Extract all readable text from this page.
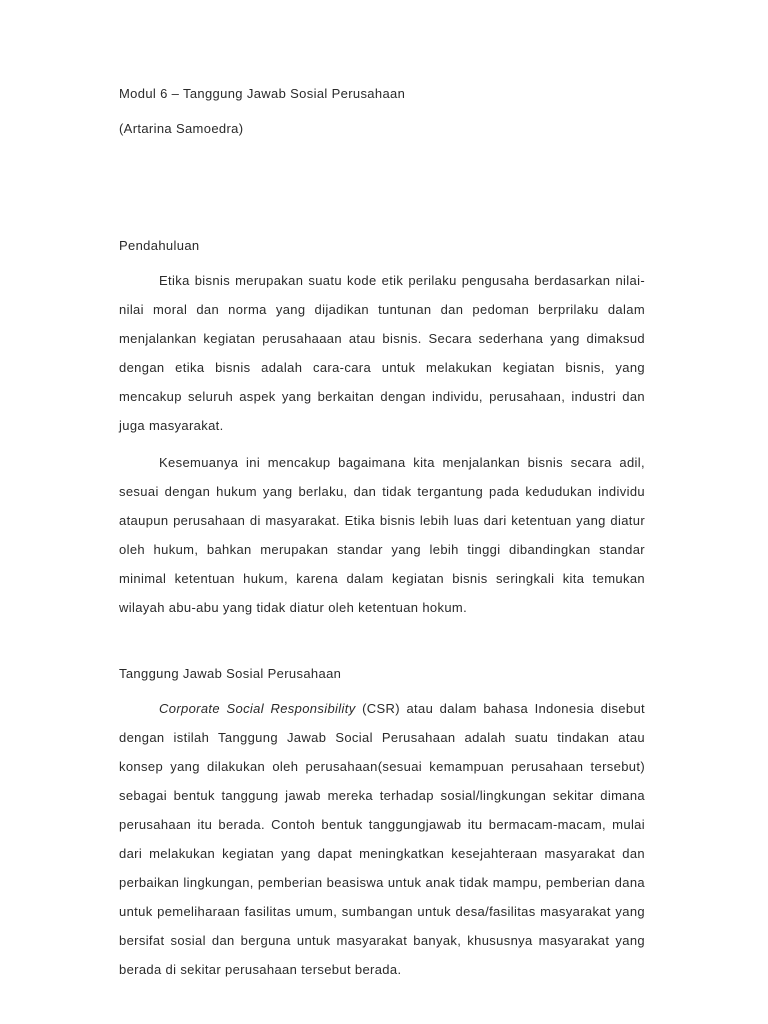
Modul 6 – Tanggung Jawab Sosial Perusahaan
(Artarina Samoedra)
Pendahuluan

Etika bisnis merupakan suatu kode etik perilaku pengusaha berdasarkan nilai-nilai moral dan norma yang dijadikan tuntunan dan pedoman berprilaku dalam menjalankan kegiatan perusahaaan atau bisnis. Secara sederhana yang dimaksud dengan etika bisnis adalah cara-cara untuk melakukan kegiatan bisnis, yang mencakup seluruh aspek yang berkaitan dengan individu, perusahaan, industri dan juga masyarakat.

Kesemuanya ini mencakup bagaimana kita menjalankan bisnis secara adil, sesuai dengan hukum yang berlaku, dan tidak tergantung pada kedudukan individu ataupun perusahaan di masyarakat. Etika bisnis lebih luas dari ketentuan yang diatur oleh hukum, bahkan merupakan standar yang lebih tinggi dibandingkan standar minimal ketentuan hukum, karena dalam kegiatan bisnis seringkali kita temukan wilayah abu-abu yang tidak diatur oleh ketentuan hokum.

Tanggung Jawab Sosial Perusahaan

Corporate Social Responsibility (CSR) atau dalam bahasa Indonesia disebut dengan istilah Tanggung Jawab Social Perusahaan adalah suatu tindakan atau konsep yang dilakukan oleh perusahaan(sesuai kemampuan perusahaan tersebut) sebagai bentuk tanggung jawab mereka terhadap sosial/lingkungan sekitar dimana perusahaan itu berada. Contoh bentuk tanggungjawab itu bermacam-macam, mulai dari melakukan kegiatan yang dapat meningkatkan kesejahteraan masyarakat dan perbaikan lingkungan, pemberian beasiswa untuk anak tidak mampu, pemberian dana untuk pemeliharaan fasilitas umum, sumbangan untuk desa/fasilitas masyarakat yang bersifat sosial dan berguna untuk masyarakat banyak, khususnya masyarakat yang berada di sekitar perusahaan tersebut berada.
